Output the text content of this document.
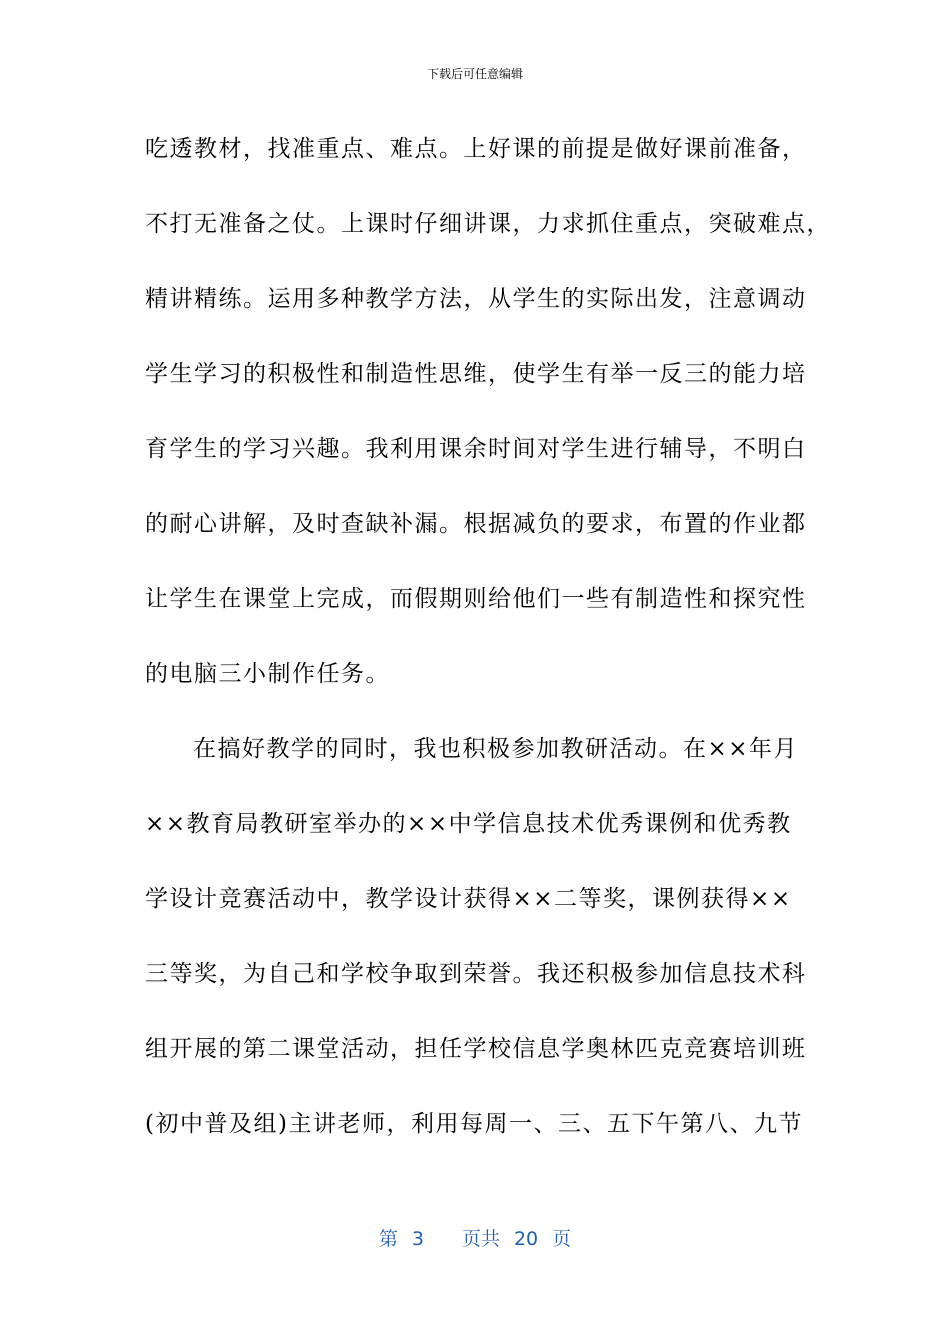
下载后可任意编辑
吃透教材，找准重点、难点。上好课的前提是做好课前准备，
不打无准备之仗。上课时仔细讲课，力求抓住重点，突破难点，
精讲精练。运用多种教学方法，从学生的实际出发，注意调动
学生学习的积极性和制造性思维，使学生有举一反三的能力培
育学生的学习兴趣。我利用课余时间对学生进行辅导，不明白
的耐心讲解，及时查缺补漏。根据减负的要求，布置的作业都
让学生在课堂上完成，而假期则给他们一些有制造性和探究性
的电脑三小制作任务。
在搞好教学的同时，我也积极参加教研活动。在××年月
××教育局教研室举办的××中学信息技术优秀课例和优秀教
学设计竞赛活动中，教学设计获得××二等奖，课例获得××
三等奖，为自己和学校争取到荣誉。我还积极参加信息技术科
组开展的第二课堂活动，担任学校信息学奥林匹克竞赛培训班
(初中普及组)主讲老师，利用每周一、三、五下午第八、九节
第 3 页共 20 页
